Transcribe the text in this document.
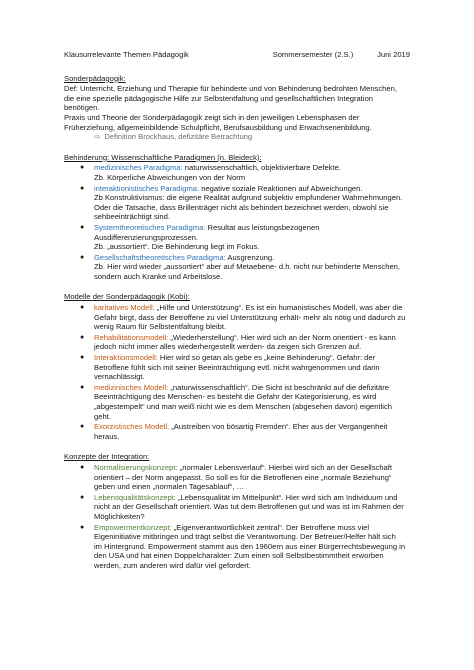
Klausurrelevante Themen Pädagogik	Sommersemester (2.S.)	Juni 2019
Sonderpädagogik:

Def: Unterricht, Erziehung und Therapie für behinderte und von Behinderung bedrohten Menschen,

die eine spezielle pädagogische Hilfe zur Selbstentfaltung und gesellschaftlichen Integration

benötigen.

Praxis und Theorie der Sonderpädagogik zeigt sich in den jeweiligen Lebensphasen der

Früherziehung, allgemeinbildende Schulpflicht, Berufsausbildung und Erwachsenenbildung.

⇨ Definition Brockhaus, defizitäre Betrachtung

Behinderung: Wissenschaftliche Paradigmen (n. Bleideck):
● medizinisches Paradigma: naturwissenschaftlich, objektivierbare Defekte.
Zb. Körperliche Abweichungen von der Norm
● interaktionistisches Paradigma: negative soziale Reaktionen auf Abweichungen.
Zb Konstruktivismus: die eigene Realität aufgrund subjektiv empfundener Wahrnehmungen.
Oder die Tatsache, dass Brillenträger nicht als behindert bezeichnet werden, obwohl sie
sehbeeinträchtigt sind.
● Systemtheoretisches Paradigma: Resultat aus leistungsbezogenen
Ausdifferenzierungsprozessen.
Zb. „aussortiert“. Die Behinderung liegt im Fokus.
● Gesellschaftstheoretisches Paradigma: Ausgrenzung.
Zb. Hier wird wieder „aussortiert“ aber auf Metaebene- d.h. nicht nur behinderte Menschen,
sondern auch Kranke und Arbeitslose.
Modelle der Sonderpädagogik (Kobi):
● karitatives Modell: „Hilfe und Unterstützung“. Es ist ein humanistisches Modell, was aber die
Gefahr birgt, dass der Betroffene zu viel Unterstützung erhält- mehr als nötig und dadurch zu
wenig Raum für Selbstentfaltung bleibt.
● Rehabilitationsmodell: „Wiederherstellung“. Hier wird sich an der Norm orientiert - es kann
jedoch nicht immer alles wiederhergestellt werden- da zeigen sich Grenzen auf.
● Interaktionsmodell: Hier wird so getan als gebe es „keine Behinderung“. Gefahr: der
Betroffene fühlt sich mit seiner Beeinträchtigung evtl. nicht wahrgenommen und darin
vernachlässigt.
● medizinisches Modell: „naturwissenschaftlich“. Die Sicht ist beschränkt auf die defizitäre
Beeinträchtigung des Menschen- es besteht die Gefahr der Kategorisierung, es wird
„abgestempelt“ und man weiß nicht wie es dem Menschen (abgesehen davon) eigentlich
geht.
● Exorzistisches Modell: „Austreiben von bösartig Fremden“. Eher aus der Vergangenheit
heraus.
Konzepte der Integration:
● Normalisierungskonzept: „normaler Lebensverlauf“. Hierbei wird sich an der Gesellschaft
orientiert – der Norm angepasst. So soll es für die Betroffenen eine „normale Beziehung“
geben und einen „normalen Tagesablauf“, …
● Lebensqualitätskonzept: „Lebensqualität im Mittelpunkt“. Hier wird sich am Individuum und
nicht an der Gesellschaft orientiert. Was tut dem Betroffenen gut und was ist im Rahmen der
Möglichkeiten?
● Empowermentkonzept: „Eigenverantwortlichkeit zentral“. Der Betroffene muss viel
Eigeninitiative mitbringen und trägt selbst die Verantwortung. Der Betreuer/Helfer hält sich
im Hintergrund. Empowerment stammt aus den 1960ern aus einer Bürgerrechtsbewegung in
den USA und hat einen Doppelcharakter: Zum einen soll Selbstbestimmtheit erworben
werden, zum anderen wird dafür viel gefordert.
